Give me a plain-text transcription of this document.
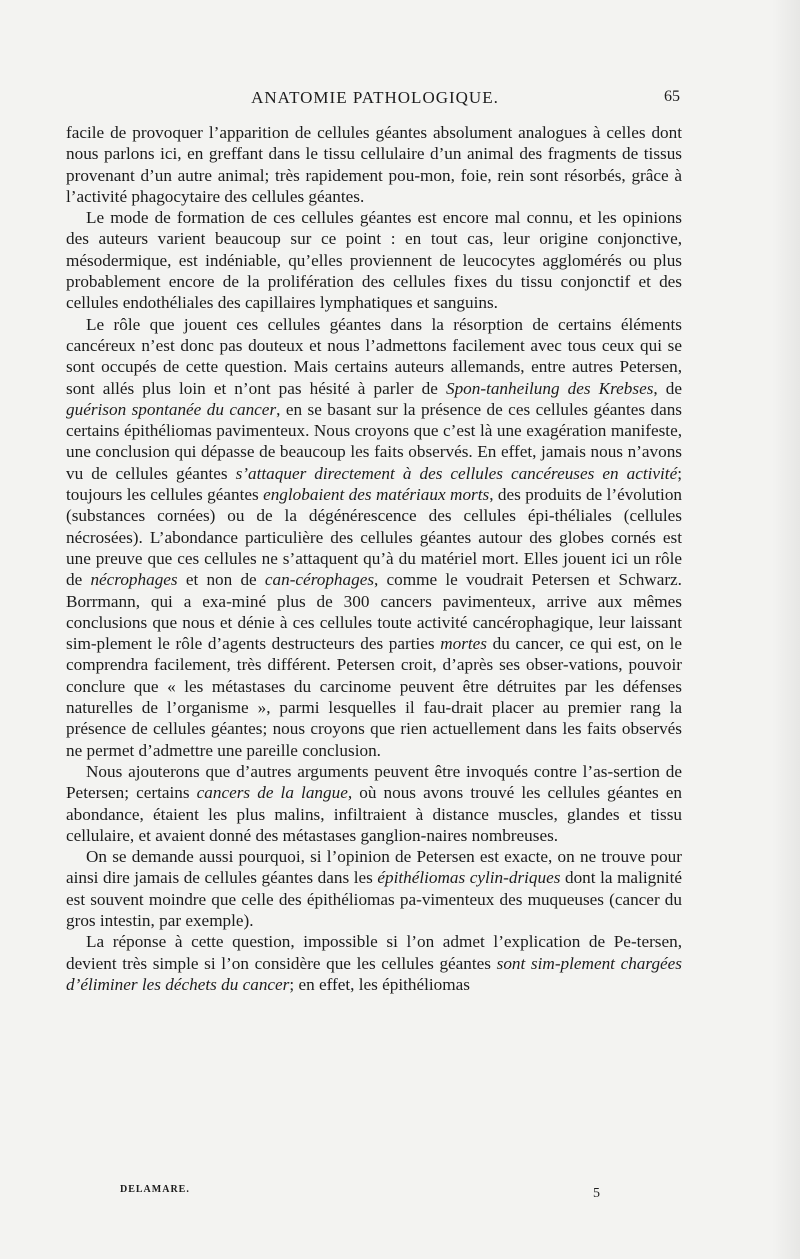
ANATOMIE PATHOLOGIQUE.	65

facile de provoquer l’apparition de cellules géantes absolument analogues à celles dont nous parlons ici, en greffant dans le tissu cellulaire d’un animal des fragments de tissus provenant d’un autre animal; très rapidement pou-mon, foie, rein sont résorbés, grâce à l’activité phagocytaire des cellules géantes.

Le mode de formation de ces cellules géantes est encore mal connu, et les opinions des auteurs varient beaucoup sur ce point : en tout cas, leur origine conjonctive, mésodermique, est indéniable, qu’elles proviennent de leucocytes agglomérés ou plus probablement encore de la prolifération des cellules fixes du tissu conjonctif et des cellules endothéliales des capillaires lymphatiques et sanguins.

Le rôle que jouent ces cellules géantes dans la résorption de certains éléments cancéreux n’est donc pas douteux et nous l’admettons facilement avec tous ceux qui se sont occupés de cette question. Mais certains auteurs allemands, entre autres Petersen, sont allés plus loin et n’ont pas hésité à parler de Spon-tanheilung des Krebses, de guérison spontanée du cancer, en se basant sur la présence de ces cellules géantes dans certains épithéliomas pavimenteux. Nous croyons que c’est là une exagération manifeste, une conclusion qui dépasse de beaucoup les faits observés. En effet, jamais nous n’avons vu de cellules géantes s’attaquer directement à des cellules cancéreuses en activité; toujours les cellules géantes englobaient des matériaux morts, des produits de l’évolution (substances cornées) ou de la dégénérescence des cellules épi-théliales (cellules nécrosées). L’abondance particulière des cellules géantes autour des globes cornés est une preuve que ces cellules ne s’attaquent qu’à du matériel mort. Elles jouent ici un rôle de nécrophages et non de can-cérophages, comme le voudrait Petersen et Schwarz. Borrmann, qui a exa-miné plus de 300 cancers pavimenteux, arrive aux mêmes conclusions que nous et dénie à ces cellules toute activité cancérophagique, leur laissant sim-plement le rôle d’agents destructeurs des parties mortes du cancer, ce qui est, on le comprendra facilement, très différent. Petersen croit, d’après ses obser-vations, pouvoir conclure que « les métastases du carcinome peuvent être détruites par les défenses naturelles de l’organisme », parmi lesquelles il fau-drait placer au premier rang la présence de cellules géantes; nous croyons que rien actuellement dans les faits observés ne permet d’admettre une pareille conclusion.

Nous ajouterons que d’autres arguments peuvent être invoqués contre l’as-sertion de Petersen; certains cancers de la langue, où nous avons trouvé les cellules géantes en abondance, étaient les plus malins, infiltraient à distance muscles, glandes et tissu cellulaire, et avaient donné des métastases ganglion-naires nombreuses.

On se demande aussi pourquoi, si l’opinion de Petersen est exacte, on ne trouve pour ainsi dire jamais de cellules géantes dans les épithéliomas cylin-driques dont la malignité est souvent moindre que celle des épithéliomas pa-vimenteux des muqueuses (cancer du gros intestin, par exemple).

La réponse à cette question, impossible si l’on admet l’explication de Pe-tersen, devient très simple si l’on considère que les cellules géantes sont sim-plement chargées d’éliminer les déchets du cancer; en effet, les épithéliomas

DELAMARE.	5
